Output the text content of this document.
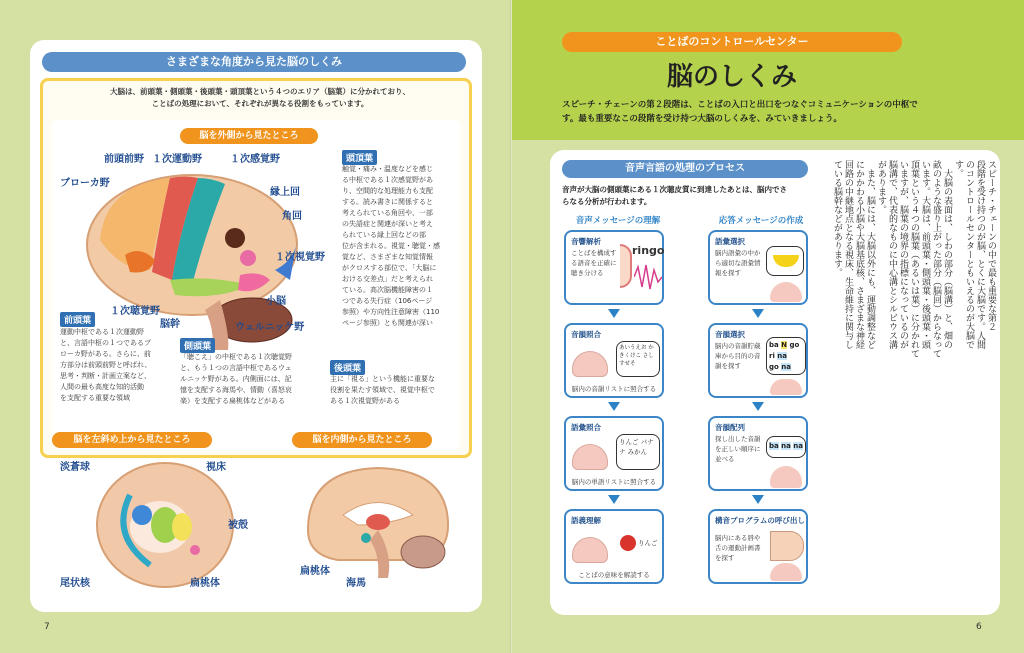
さまざまな角度から見た脳のしくみ
大脳は、前頭葉・側頭葉・後頭葉・頭頂葉という４つのエリア（脳葉）に分かれており、
ことばの処理において、それぞれが異なる役割をもっています。
脳を外側から見たところ
前頭前野 １次運動野	１次感覚野
ブローカ野
縁上回
角回
１次視覚野
小脳
１次聴覚野
脳幹	ウェルニッケ野
前頭葉
運動中枢である１次運動野
と、言語中枢の１つであるブ
ローカ野がある。さらに、前
方部分は前頭前野と呼ばれ、
思考・判断・計画立案など、
人間の最も高度な知的活動
を支配する重要な領域
頭頂葉
触覚・痛み・温度などを感じ
る中枢である１次感覚野があ
り、空間的な処理能力も支配
する。読み書きに関係すると
考えられている角回や、一部
の失語症と関連が深いと考え
られている縁上回などの部
位が含まれる。視覚・聴覚・感
覚など、さまざまな知覚情報
がクロスする部位で、「大脳に
おける交差点」だと考えられ
ている。高次脳機能障害の１
つである失行症（106ページ
参照）や方向性注意障害（110
ページ参照）とも関連が深い
側頭葉
「聴こえ」の中枢である１次聴覚野
と、もう１つの言語中枢であるウェ
ルニッケ野がある。内側面には、記
憶を支配する海馬や、情動（喜怒哀
楽）を支配する扁桃体などがある
後頭葉
主に「視る」という機能に重要な
役割を果たす領域で、視覚中枢で
ある１次視覚野がある
脳を左斜め上から見たところ	脳を内側から見たところ
淡蒼球	視床
被殻
尾状核	扁桃体
扁桃体
海馬
7
ことばのコントロールセンター
脳のしくみ
スピーチ・チェーンの第２段階は、ことばの入口と出口をつなぐコミュニケーションの中枢で
す。最も重要なこの段階を受け持つ大脳のしくみを、みていきましょう。
音声言語の処理のプロセス
音声が大脳の側頭葉にある１次聴皮質に到達したあとは、脳内でさ
らなる分析が行われます。
音声メッセージの理解	応答メッセージの作成
音響解析
ことばを構成する語音を正確に聴き分ける
ringo
音韻照合
あいうえお かきくけこ さしすせそ
脳内の音韻リストに照合する
語彙照合
りんご バナナ みかん
脳内の単語リストに照合する
語義理解
りんご
ことばの意味を解読する
語彙選択
脳内語彙の中から適切な語彙情報を探す
音韻選択
脳内の音韻貯蔵庫から目的の音韻を探す
ba N go
ri na
go na
音韻配列
探し出した音韻を正しい順序に並べる
ba na na
構音プログラムの呼び出し
脳内にある唇や舌の運動計画書を探す
スピーチ・チェーンの中で最も重要な第２
段階を受け持つのが脳、とくに大脳です。人間
のコントロールセンターともいえるのが大脳で
す。
　大脳の表面は、しわの部分（脳溝）と、畑の
畝のような盛り上がった部分（脳回）からなって
います。大脳は、前頭葉・側頭葉・後頭葉・頭
頂葉という４つの脳葉（あるいは葉）に分かれて
いますが、脳葉の境界の指標になっているのが
脳溝で、代表的なものに中心溝とシルビウス溝
があります。
　また、脳には、大脳以外にも、運動調整など
にかかわる小脳や大脳基底核、さまざまな神経
回路の中継地点となる視床、生命維持に関与し
ている脳幹などがあります。
6
